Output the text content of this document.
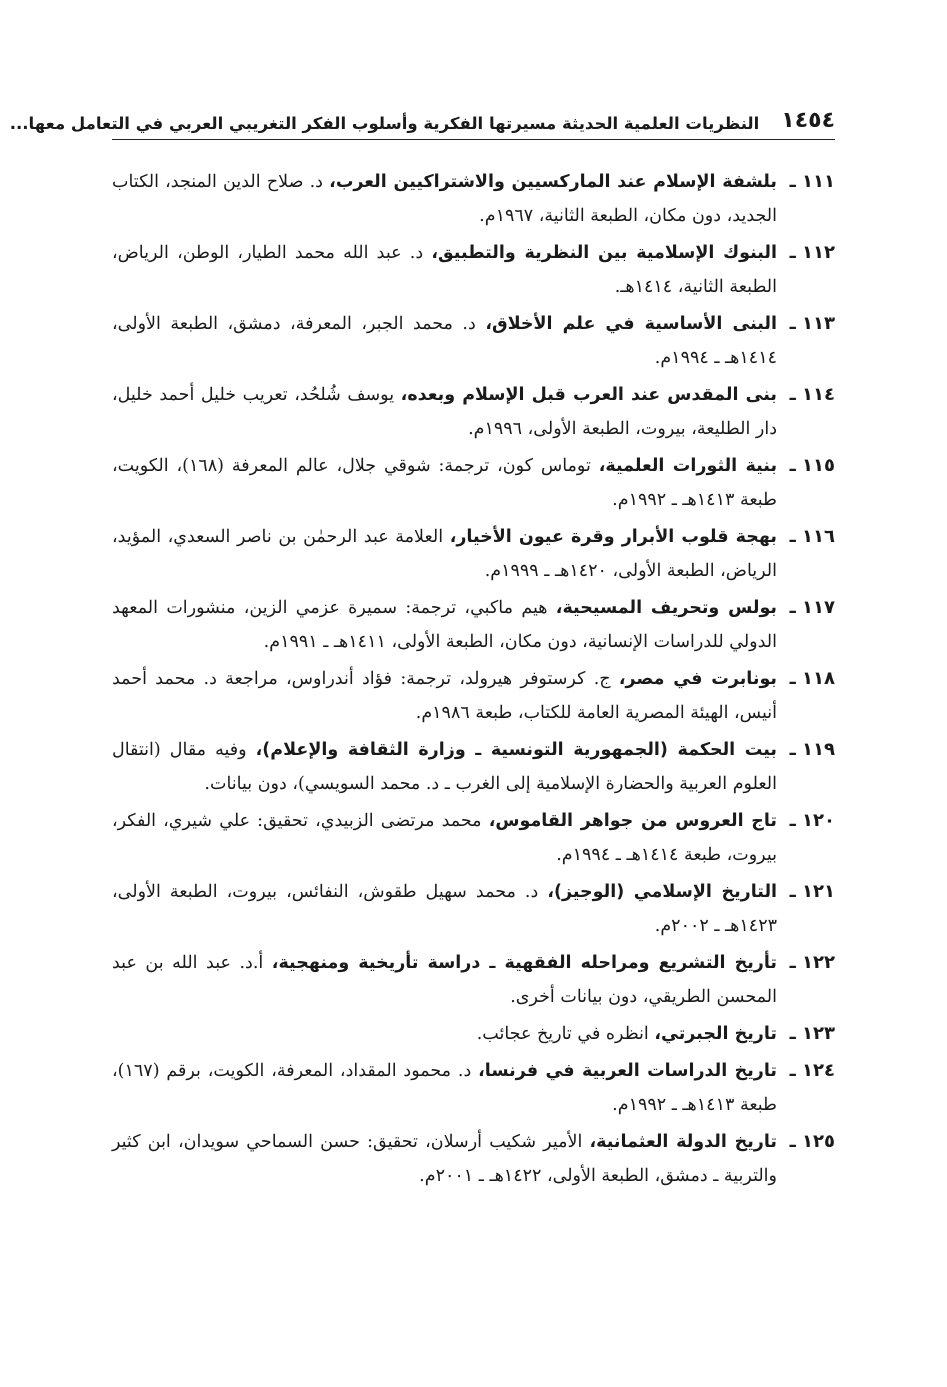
١٤٥٤
النظريات العلمية الحديثة مسيرتها الفكرية وأسلوب الفكر التغريبي العربي في التعامل معها...
١١١ ـ
بلشفة الإسلام عند الماركسيين والاشتراكيين العرب، د. صلاح الدين المنجد، الكتاب الجديد، دون مكان، الطبعة الثانية، ١٩٦٧م.
١١٢ ـ
البنوك الإسلامية بين النظرية والتطبيق، د. عبد الله محمد الطيار، الوطن، الرياض، الطبعة الثانية، ١٤١٤هـ.
١١٣ ـ
البنى الأساسية في علم الأخلاق، د. محمد الجبر، المعرفة، دمشق، الطبعة الأولى، ١٤١٤هـ ـ ١٩٩٤م.
١١٤ ـ
بنى المقدس عند العرب قبل الإسلام وبعده، يوسف شُلحُد، تعريب خليل أحمد خليل، دار الطليعة، بيروت، الطبعة الأولى، ١٩٩٦م.
١١٥ ـ
بنية الثورات العلمية، توماس كون، ترجمة: شوقي جلال، عالم المعرفة (١٦٨)، الكويت، طبعة ١٤١٣هـ ـ ١٩٩٢م.
١١٦ ـ
بهجة قلوب الأبرار وقرة عيون الأخيار، العلامة عبد الرحمٰن بن ناصر السعدي، المؤيد، الرياض، الطبعة الأولى، ١٤٢٠هـ ـ ١٩٩٩م.
١١٧ ـ
بولس وتحريف المسيحية، هيم ماكبي، ترجمة: سميرة عزمي الزين، منشورات المعهد الدولي للدراسات الإنسانية، دون مكان، الطبعة الأولى، ١٤١١هـ ـ ١٩٩١م.
١١٨ ـ
بونابرت في مصر، ج. كرستوفر هيرولد، ترجمة: فؤاد أندراوس، مراجعة د. محمد أحمد أنيس، الهيئة المصرية العامة للكتاب، طبعة ١٩٨٦م.
١١٩ ـ
بيت الحكمة (الجمهورية التونسية ـ وزارة الثقافة والإعلام)، وفيه مقال (انتقال العلوم العربية والحضارة الإسلامية إلى الغرب ـ د. محمد السويسي)، دون بيانات.
١٢٠ ـ
تاج العروس من جواهر القاموس، محمد مرتضى الزبيدي، تحقيق: علي شيري، الفكر، بيروت، طبعة ١٤١٤هـ ـ ١٩٩٤م.
١٢١ ـ
التاريخ الإسلامي (الوجيز)، د. محمد سهيل طقوش، النفائس، بيروت، الطبعة الأولى، ١٤٢٣هـ ـ ٢٠٠٢م.
١٢٢ ـ
تأريخ التشريع ومراحله الفقهية ـ دراسة تأريخية ومنهجية، أ.د. عبد الله بن عبد المحسن الطريقي، دون بيانات أخرى.
١٢٣ ـ
تاريخ الجبرتي، انظره في تاريخ عجائب.
١٢٤ ـ
تاريخ الدراسات العربية في فرنسا، د. محمود المقداد، المعرفة، الكويت، برقم (١٦٧)، طبعة ١٤١٣هـ ـ ١٩٩٢م.
١٢٥ ـ
تاريخ الدولة العثمانية، الأمير شكيب أرسلان، تحقيق: حسن السماحي سويدان، ابن كثير والتربية ـ دمشق، الطبعة الأولى، ١٤٢٢هـ ـ ٢٠٠١م.
